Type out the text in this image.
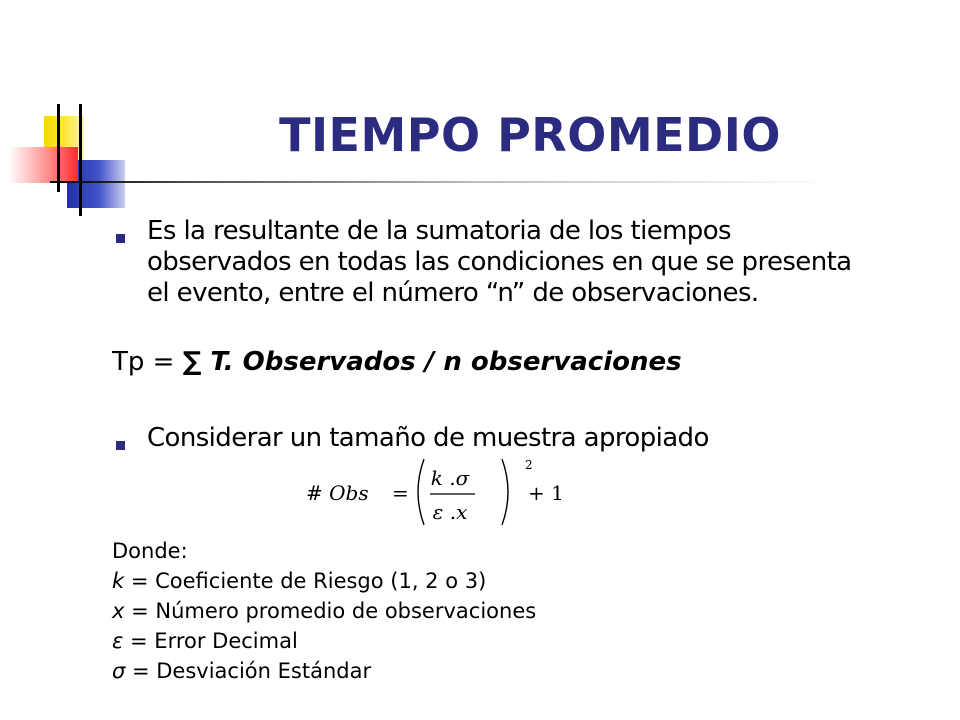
TIEMPO PROMEDIO
Es la resultante de la sumatoria de los tiempos observados en todas las condiciones en que se presenta el evento, entre el número “n” de observaciones.
Tp = ∑ T. Observados / n observaciones
Considerar un tamaño de muestra apropiado
# Obs =
k .σ
ε .x
2
+ 1
Donde:
k = Coeficiente de Riesgo (1, 2 o 3)
x = Número promedio de observaciones
ε = Error Decimal
σ = Desviación Estándar
